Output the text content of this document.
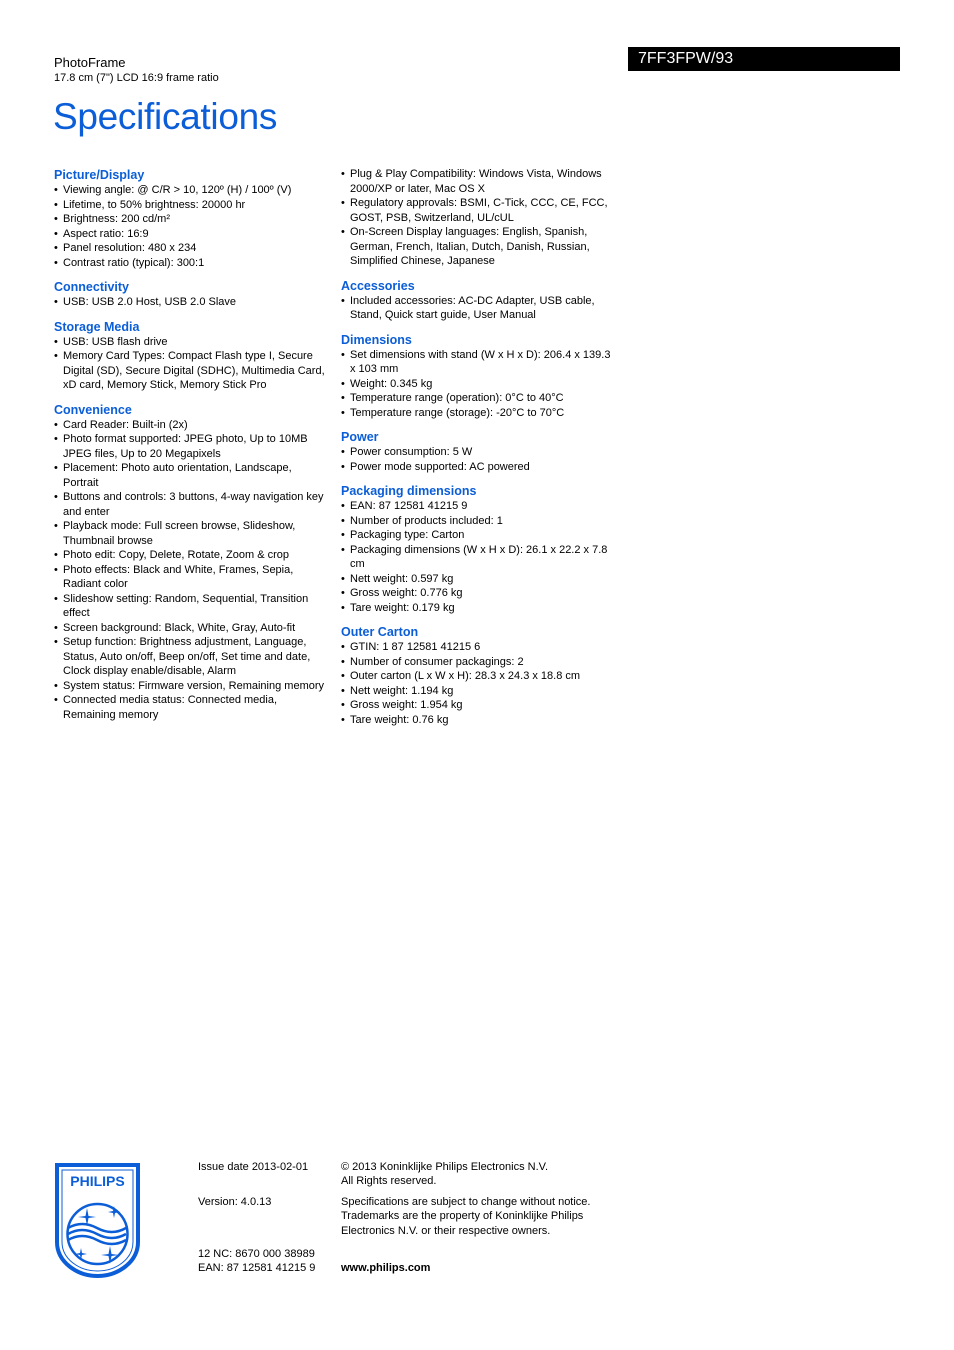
PhotoFrame
17.8 cm (7") LCD 16:9 frame ratio
Specifications
7FF3FPW/93
Picture/Display
• Viewing angle: @ C/R > 10, 120º (H) / 100º (V)
• Lifetime, to 50% brightness: 20000 hr
• Brightness: 200 cd/m²
• Aspect ratio: 16:9
• Panel resolution: 480 x 234
• Contrast ratio (typical): 300:1
Connectivity
• USB: USB 2.0 Host, USB 2.0 Slave
Storage Media
• USB: USB flash drive
• Memory Card Types: Compact Flash type I, Secure Digital (SD), Secure Digital (SDHC), Multimedia Card, xD card, Memory Stick, Memory Stick Pro
Convenience
• Card Reader: Built-in (2x)
• Photo format supported: JPEG photo, Up to 10MB JPEG files, Up to 20 Megapixels
• Placement: Photo auto orientation, Landscape, Portrait
• Buttons and controls: 3 buttons, 4-way navigation key and enter
• Playback mode: Full screen browse, Slideshow, Thumbnail browse
• Photo edit: Copy, Delete, Rotate, Zoom & crop
• Photo effects: Black and White, Frames, Sepia, Radiant color
• Slideshow setting: Random, Sequential, Transition effect
• Screen background: Black, White, Gray, Auto-fit
• Setup function: Brightness adjustment, Language, Status, Auto on/off, Beep on/off, Set time and date, Clock display enable/disable, Alarm
• System status: Firmware version, Remaining memory
• Connected media status: Connected media, Remaining memory
• Plug & Play Compatibility: Windows Vista, Windows 2000/XP or later, Mac OS X
• Regulatory approvals: BSMI, C-Tick, CCC, CE, FCC, GOST, PSB, Switzerland, UL/cUL
• On-Screen Display languages: English, Spanish, German, French, Italian, Dutch, Danish, Russian, Simplified Chinese, Japanese
Accessories
• Included accessories: AC-DC Adapter, USB cable, Stand, Quick start guide, User Manual
Dimensions
• Set dimensions with stand (W x H x D): 206.4 x 139.3 x 103 mm
• Weight: 0.345 kg
• Temperature range (operation): 0°C to 40°C
• Temperature range (storage): -20°C to 70°C
Power
• Power consumption: 5 W
• Power mode supported: AC powered
Packaging dimensions
• EAN: 87 12581 41215 9
• Number of products included: 1
• Packaging type: Carton
• Packaging dimensions (W x H x D): 26.1 x 22.2 x 7.8 cm
• Nett weight: 0.597 kg
• Gross weight: 0.776 kg
• Tare weight: 0.179 kg
Outer Carton
• GTIN: 1 87 12581 41215 6
• Number of consumer packagings: 2
• Outer carton (L x W x H): 28.3 x 24.3 x 18.8 cm
• Nett weight: 1.194 kg
• Gross weight: 1.954 kg
• Tare weight: 0.76 kg
PHILIPS
Issue date 2013-02-01
Version: 4.0.13
12 NC: 8670 000 38989
EAN: 87 12581 41215 9
© 2013 Koninklijke Philips Electronics N.V.
All Rights reserved.
Specifications are subject to change without notice.
Trademarks are the property of Koninklijke Philips
Electronics N.V. or their respective owners.
www.philips.com
